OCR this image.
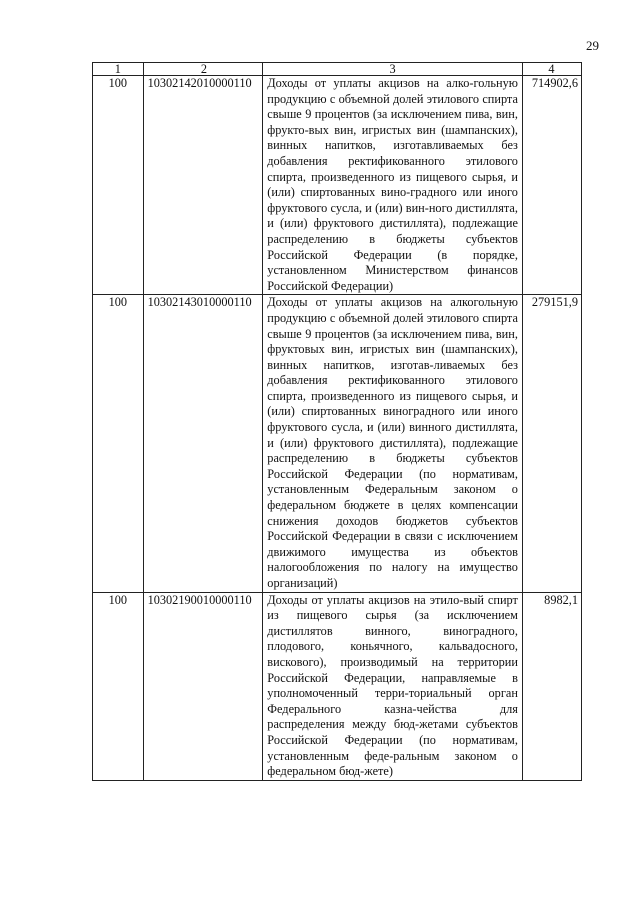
29
1	2	3	4
100	10302142010000110	Доходы от уплаты акцизов на алко-гольную продукцию с объемной долей этилового спирта свыше 9 процентов (за исключением пива, вин, фрукто-вых вин, игристых вин (шампанских), винных напитков, изготавливаемых без добавления ректификованного этилового спирта, произведенного из пищевого сырья, и (или) спиртованных вино-градного или иного фруктового сусла, и (или) вин-ного дистиллята, и (или) фруктового дистиллята), подлежащие распределению в бюджеты субъектов Российской Федерации (в порядке, установленном Министерством финансов Российской Федерации)	714902,6
100	10302143010000110	Доходы от уплаты акцизов на алкогольную продукцию с объемной долей этилового спирта свыше 9 процентов (за исключением пива, вин, фруктовых вин, игристых вин (шампанских), винных напитков, изготав-ливаемых без добавления ректификованного этилового спирта, произведенного из пищевого сырья, и (или) спиртованных виноградного или иного фруктового сусла, и (или) винного дистиллята, и (или) фруктового дистиллята), подлежащие распределению в бюджеты субъектов Российской Федерации (по нормативам, установленным Федеральным законом о федеральном бюджете в целях компенсации снижения доходов бюджетов субъектов Российской Федерации в связи с исключением движимого имущества из объектов налогообложения по налогу на имущество организаций)	279151,9
100	10302190010000110	Доходы от уплаты акцизов на этило-вый спирт из пищевого сырья (за исключением дистиллятов винного, виноградного, плодового, коньячного, кальвадосного, вискового), производимый на территории Российской Федерации, направляемые в уполномоченный терри-ториальный орган Федерального казна-чейства для распределения между бюд-жетами субъектов Российской Федерации (по нормативам, установленным феде-ральным законом о федеральном бюд-жете)	8982,1
